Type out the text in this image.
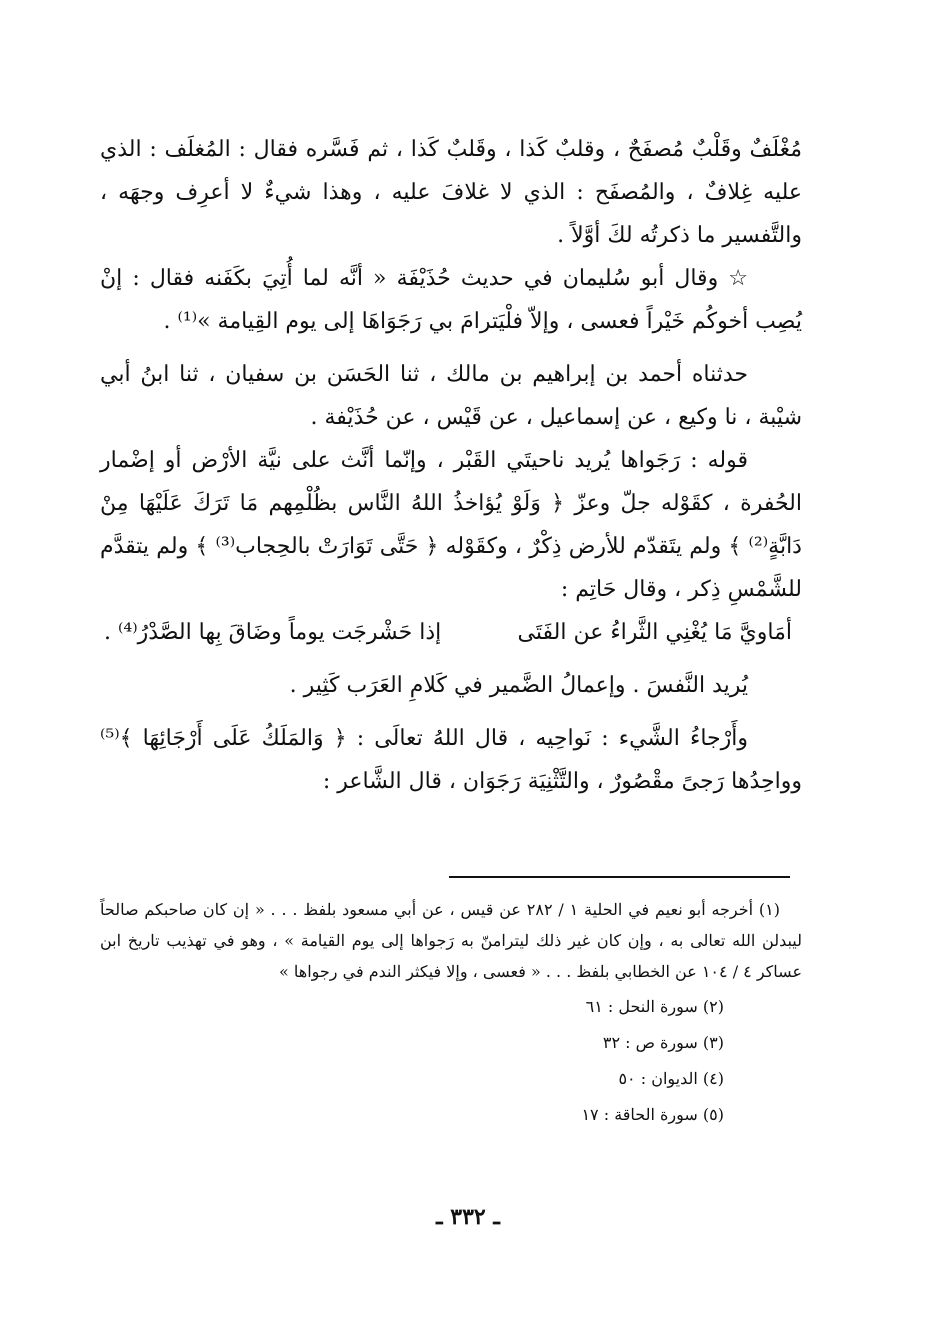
مُغْلَفٌ وقَلْبٌ مُصفَحٌ ، وقلبٌ كَذا ، وقَلبٌ كَذا ، ثم فَسَّره فقال : المُغلَف : الذي عليه غِلافٌ ، والمُصفَح : الذي لا غلافَ عليه ، وهذا شيءٌ لا أعرِف وجهَه ، والتَّفسير ما ذكرتُه لكَ أوَّلاً .

☆ وقال أبو سُليمان في حديث حُذَيْفَة « أنَّه لما أُتِيَ بكَفَنه فقال : إنْ يُصِب أخوكُم خَيْراً فعسى ، وإلاّ فلْيَترامَ بي رَجَوَاهَا إلى يوم القِيامة »⁽¹⁾ .

حدثناه أحمد بن إبراهيم بن مالك ، ثنا الحَسَن بن سفيان ، ثنا ابنُ أبي شيْبة ، نا وكيع ، عن إسماعيل ، عن قَيْس ، عن حُذَيْفة .

قوله : رَجَواها يُريد ناحيتَي القَبْر ، وإنّما أنَّث على نيَّة الأرْض أو إضْمار الحُفرة ، كقَوْله جلّ وعزّ ﴿ وَلَوْ يُؤاخذُ اللهُ النَّاس بظُلْمِهم مَا تَرَكَ عَلَيْهَا مِنْ دَابَّةٍ⁽²⁾ ﴾ ولم يتَقدّم للأرض ذِكْرٌ ، وكقَوْله ﴿ حَتَّى تَوَارَتْ بالحِجاب⁽³⁾ ﴾ ولم يتقدَّم للشَّمْسِ ذِكر ، وقال حَاتِم :

أمَاويَّ مَا يُغْنِي الثَّراءُ عن الفَتَى
إذا حَشْرجَت يوماً وضَاقَ بِها الصَّدْرُ⁽⁴⁾ .

يُريد النَّفسَ . وإعمالُ الضَّمير في كَلامِ العَرَب كَثِير .

وأَرْجاءُ الشَّيء : نَواحِيه ، قال اللهُ تعالَى : ﴿ وَالمَلَكُ عَلَى أَرْجَائِهَا ﴾⁽⁵⁾ وواحِدُها رَجىً مقْصُورٌ ، والتَّثْنِيَة رَجَوَان ، قال الشَّاعر :

(١) أخرجه أبو نعيم في الحلية ١ / ٢٨٢ عن قيس ، عن أبي مسعود بلفظ . . . « إن كان صاحبكم صالحاً ليبدلن الله تعالى به ، وإن كان غير ذلك ليترامنّ به رَجواها إلى يوم القيامة » ، وهو في تهذيب تاريخ ابن عساكر ٤ / ١٠٤ عن الخطابي بلفظ . . . « فعسى ، وإلا فيكثر الندم في رجواها »

(٢) سورة النحل : ٦١

(٣) سورة ص : ٣٢

(٤) الديوان : ٥٠

(٥) سورة الحاقة : ١٧

ـ ٣٣٢ ـ
